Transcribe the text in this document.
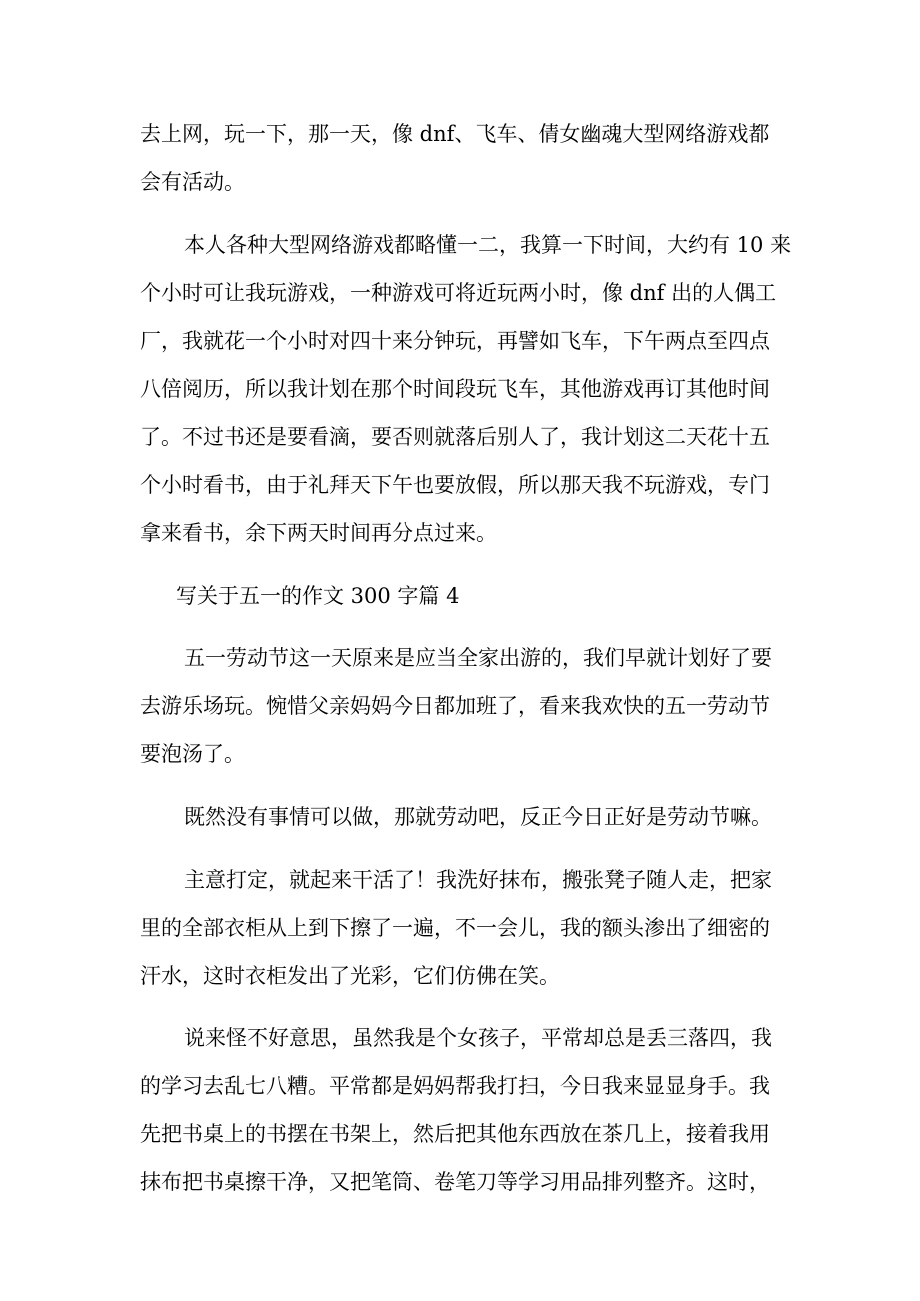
去上网，玩一下，那一天，像 dnf、飞车、倩女幽魂大型网络游戏都
会有活动。
本人各种大型网络游戏都略懂一二，我算一下时间，大约有 10 来
个小时可让我玩游戏，一种游戏可将近玩两小时，像 dnf 出的人偶工
厂，我就花一个小时对四十来分钟玩，再譬如飞车，下午两点至四点
八倍阅历，所以我计划在那个时间段玩飞车，其他游戏再订其他时间
了。不过书还是要看滴，要否则就落后别人了，我计划这二天花十五
个小时看书，由于礼拜天下午也要放假，所以那天我不玩游戏，专门
拿来看书，余下两天时间再分点过来。
写关于五一的作文 300 字篇 4
五一劳动节这一天原来是应当全家出游的，我们早就计划好了要
去游乐场玩。惋惜父亲妈妈今日都加班了，看来我欢快的五一劳动节
要泡汤了。
既然没有事情可以做，那就劳动吧，反正今日正好是劳动节嘛。
主意打定，就起来干活了！我洗好抹布，搬张凳子随人走，把家
里的全部衣柜从上到下擦了一遍，不一会儿，我的额头渗出了细密的
汗水，这时衣柜发出了光彩，它们仿佛在笑。
说来怪不好意思，虽然我是个女孩子，平常却总是丢三落四，我
的学习去乱七八糟。平常都是妈妈帮我打扫，今日我来显显身手。我
先把书桌上的书摆在书架上，然后把其他东西放在茶几上，接着我用
抹布把书桌擦干净，又把笔筒、卷笔刀等学习用品排列整齐。这时，
